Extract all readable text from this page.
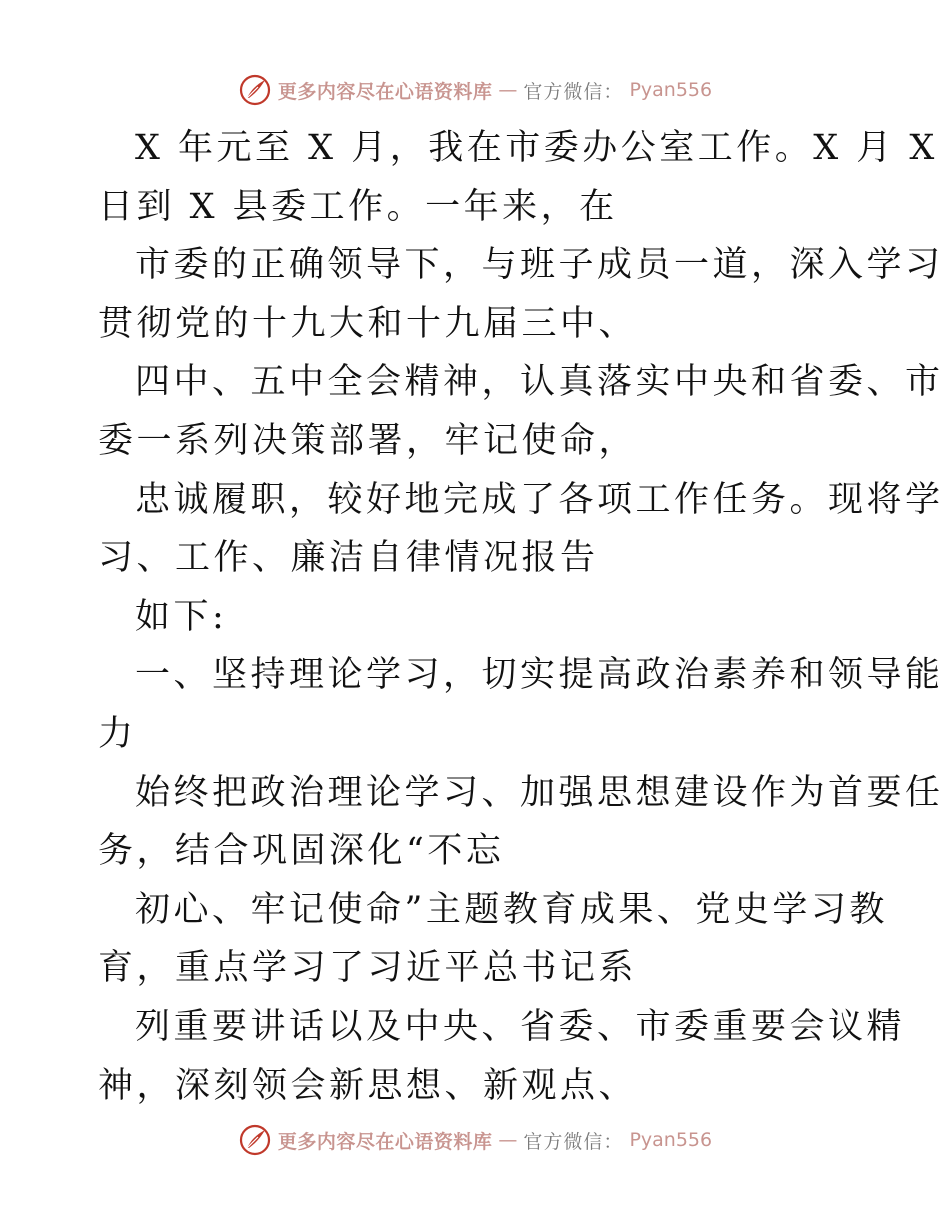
更多内容尽在心语资料库 — 官方微信： Pyan556
X 年元至 X 月，我在市委办公室工作。X 月 X
日到 X 县委工作。一年来，在
市委的正确领导下，与班子成员一道，深入学习
贯彻党的十九大和十九届三中、
四中、五中全会精神，认真落实中央和省委、市
委一系列决策部署，牢记使命，
忠诚履职，较好地完成了各项工作任务。现将学
习、工作、廉洁自律情况报告
如下:
一、坚持理论学习，切实提高政治素养和领导能
力
始终把政治理论学习、加强思想建设作为首要任
务，结合巩固深化“不忘
初心、牢记使命”主题教育成果、党史学习教
育，重点学习了习近平总书记系
列重要讲话以及中央、省委、市委重要会议精
神，深刻领会新思想、新观点、
更多内容尽在心语资料库 — 官方微信： Pyan556
